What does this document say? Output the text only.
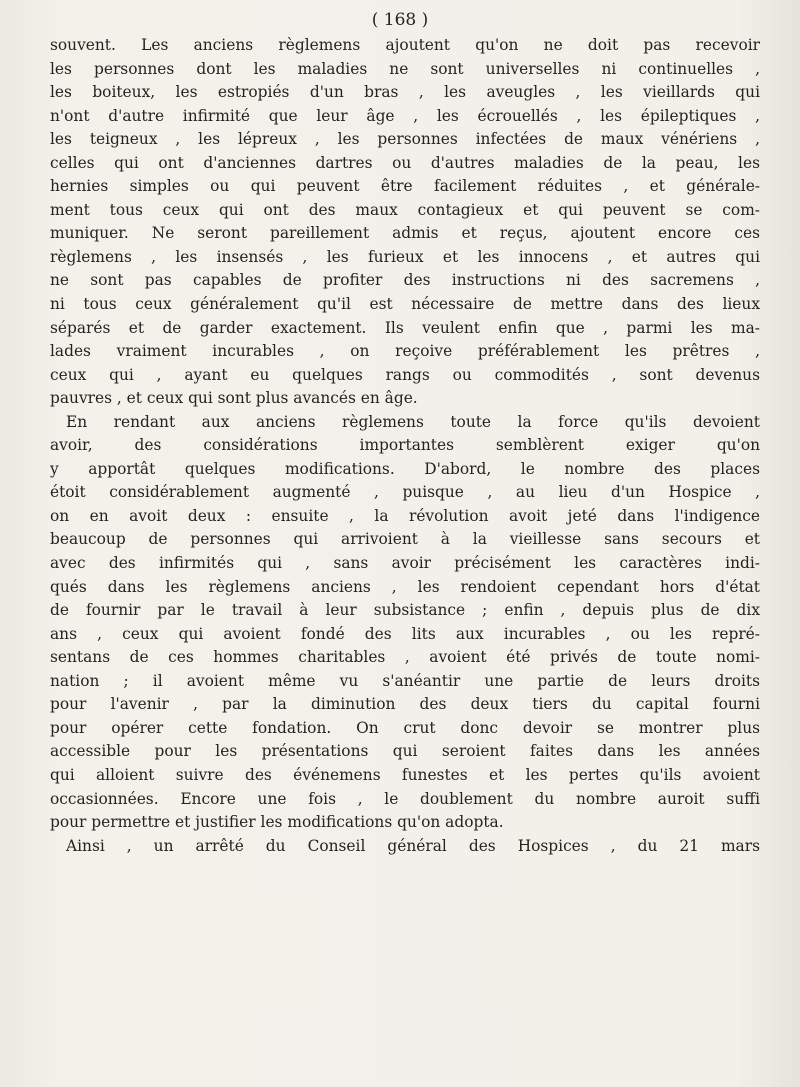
( 168 )
souvent. Les anciens règlemens ajoutent qu'on ne doit pas recevoir
les personnes dont les maladies ne sont universelles ni continuelles ,
les boiteux, les estropiés d'un bras , les aveugles , les vieillards qui
n'ont d'autre infirmité que leur âge , les écrouellés , les épileptiques ,
les teigneux , les lépreux , les personnes infectées de maux vénériens ,
celles qui ont d'anciennes dartres ou d'autres maladies de la peau, les
hernies simples ou qui peuvent être facilement réduites , et générale-
ment tous ceux qui ont des maux contagieux et qui peuvent se com-
muniquer. Ne seront pareillement admis et reçus, ajoutent encore ces
règlemens , les insensés , les furieux et les innocens , et autres qui
ne sont pas capables de profiter des instructions ni des sacremens ,
ni tous ceux généralement qu'il est nécessaire de mettre dans des lieux
séparés et de garder exactement. Ils veulent enfin que , parmi les ma-
lades vraiment incurables , on reçoive préférablement les prêtres ,
ceux qui , ayant eu quelques rangs ou commodités , sont devenus
pauvres , et ceux qui sont plus avancés en âge.
En rendant aux anciens règlemens toute la force qu'ils devoient
avoir, des considérations importantes semblèrent exiger qu'on
y apportât quelques modifications. D'abord, le nombre des places
étoit considérablement augmenté , puisque , au lieu d'un Hospice ,
on en avoit deux : ensuite , la révolution avoit jeté dans l'indigence
beaucoup de personnes qui arrivoient à la vieillesse sans secours et
avec des infirmités qui , sans avoir précisément les caractères indi-
qués dans les règlemens anciens , les rendoient cependant hors d'état
de fournir par le travail à leur subsistance ; enfin , depuis plus de dix
ans , ceux qui avoient fondé des lits aux incurables , ou les repré-
sentans de ces hommes charitables , avoient été privés de toute nomi-
nation ; il avoient même vu s'anéantir une partie de leurs droits
pour l'avenir , par la diminution des deux tiers du capital fourni
pour opérer cette fondation. On crut donc devoir se montrer plus
accessible pour les présentations qui seroient faites dans les années
qui alloient suivre des événemens funestes et les pertes qu'ils avoient
occasionnées. Encore une fois , le doublement du nombre auroit suffi
pour permettre et justifier les modifications qu'on adopta.
Ainsi , un arrêté du Conseil général des Hospices , du 21 mars
